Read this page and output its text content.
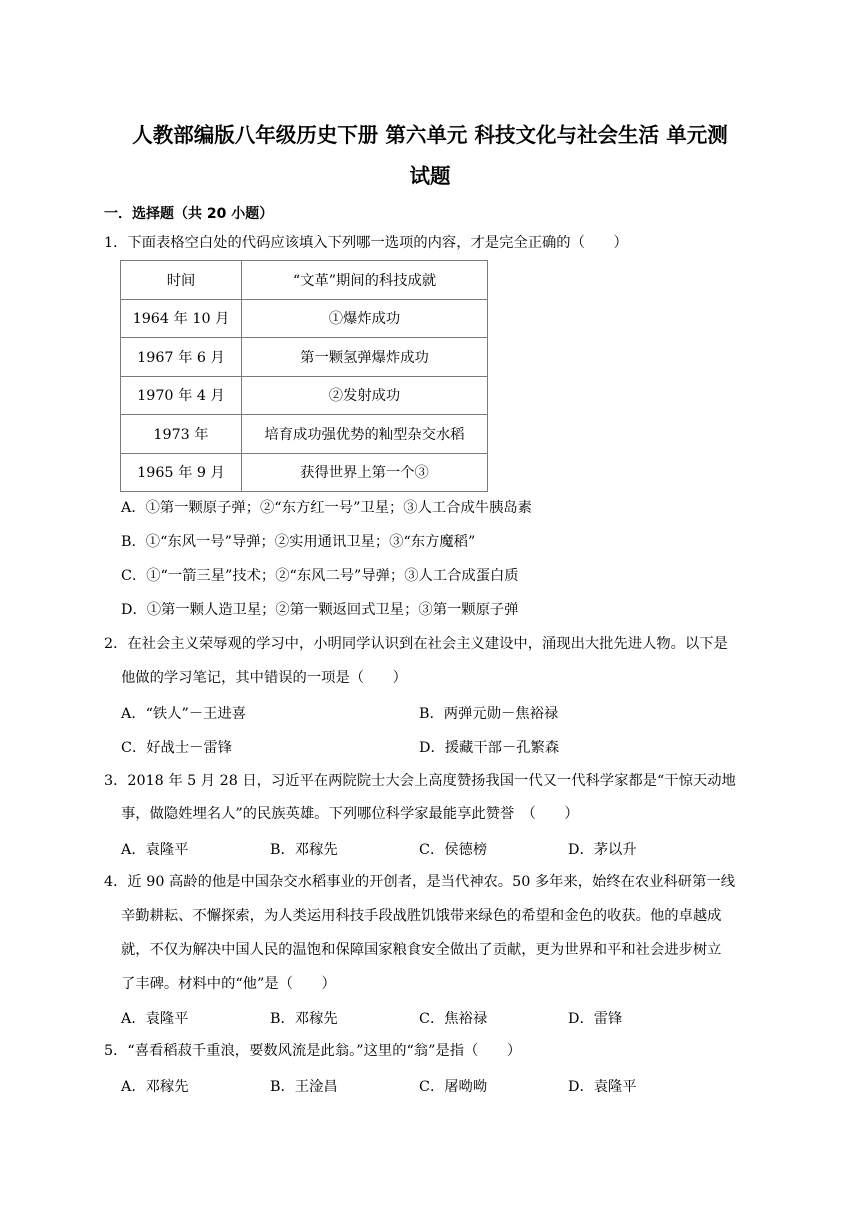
人教部编版八年级历史下册 第六单元 科技文化与社会生活 单元测
试题
一．选择题（共 20 小题）
1．下面表格空白处的代码应该填入下列哪一选项的内容，才是完全正确的（　　）
时间	“文革”期间的科技成就
1964 年 10 月	①爆炸成功
1967 年 6 月	第一颗氢弹爆炸成功
1970 年 4 月	②发射成功
1973 年	培育成功强优势的籼型杂交水稻
1965 年 9 月	获得世界上第一个③
A．①第一颗原子弹；②“东方红一号”卫星；③人工合成牛胰岛素
B．①“东风一号”导弹；②实用通讯卫星；③“东方魔稻”
C．①“一箭三星”技术；②“东风二号”导弹；③人工合成蛋白质
D．①第一颗人造卫星；②第一颗返回式卫星；③第一颗原子弹
2．在社会主义荣辱观的学习中，小明同学认识到在社会主义建设中，涌现出大批先进人物。以下是
他做的学习笔记，其中错误的一项是（　　）
A．“铁人”－王进喜	B．两弹元勋－焦裕禄
C．好战士－雷锋	D．援藏干部－孔繁森
3．2018 年 5 月 28 日，习近平在两院院士大会上高度赞扬我国一代又一代科学家都是“干惊天动地
事，做隐姓埋名人”的民族英雄。下列哪位科学家最能享此赞誉　（　　）
A．袁隆平	B．邓稼先	C．侯德榜	D．茅以升
4．近 90 高龄的他是中国杂交水稻事业的开创者，是当代神农。50 多年来，始终在农业科研第一线
辛勤耕耘、不懈探索，为人类运用科技手段战胜饥饿带来绿色的希望和金色的收获。他的卓越成
就，不仅为解决中国人民的温饱和保障国家粮食安全做出了贡献，更为世界和平和社会进步树立
了丰碑。材料中的“他”是（　　）
A．袁隆平	B．邓稼先	C．焦裕禄	D．雷锋
5．“喜看稻菽千重浪，要数风流是此翁。”这里的“翁”是指（　　）
A．邓稼先	B．王淦昌	C．屠呦呦	D．袁隆平
